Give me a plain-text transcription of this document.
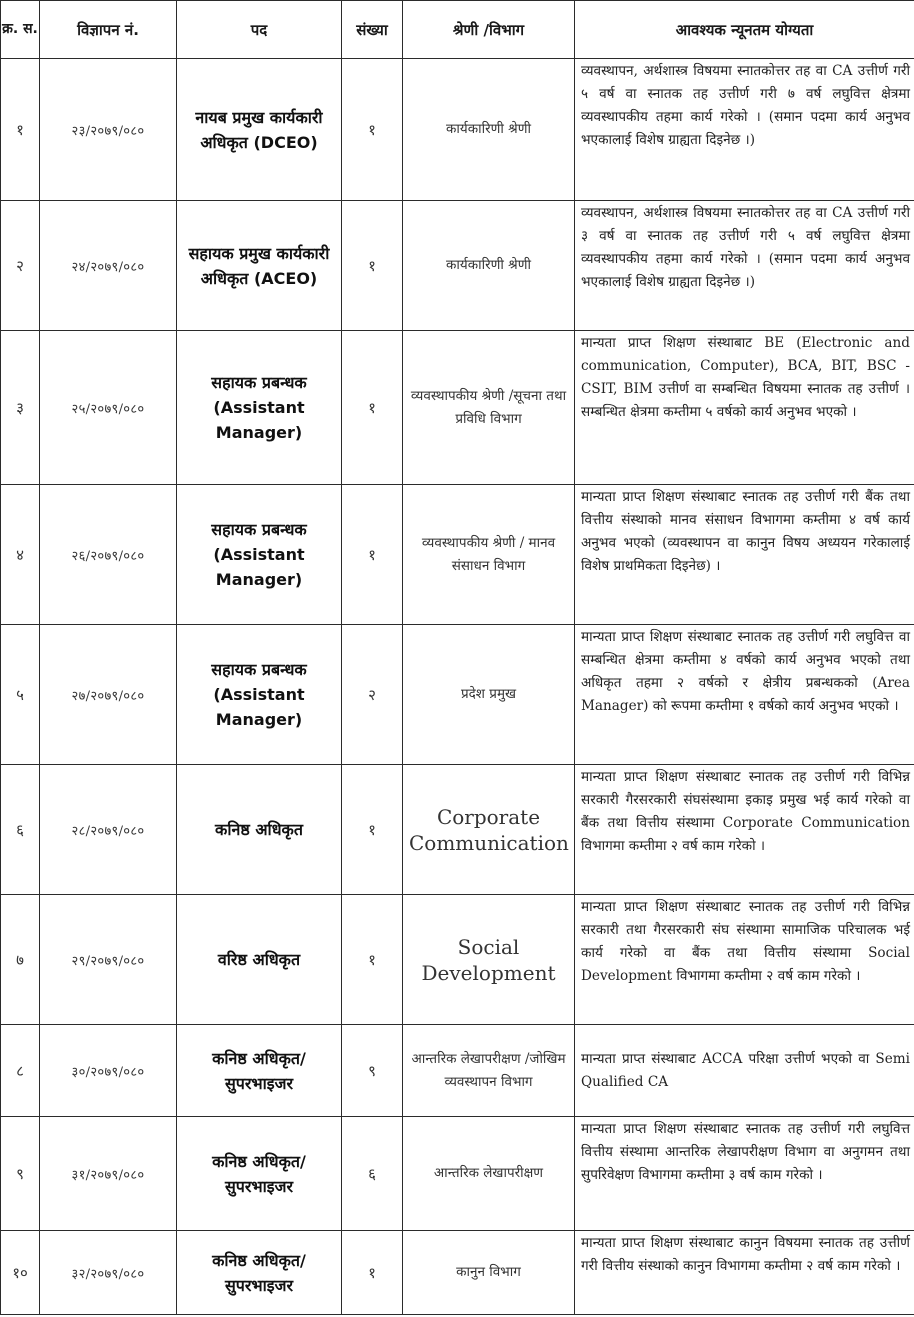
क्र. स.	विज्ञापन नं.	पद	संख्या	श्रेणी /विभाग	आवश्यक न्यूनतम योग्यता
१	२३/२०७९/०८०	नायब प्रमुख कार्यकारी अधिकृत (DCEO)	१	कार्यकारिणी श्रेणी	व्यवस्थापन, अर्थशास्त्र विषयमा स्नातकोत्तर तह वा CA उत्तीर्ण गरी ५ वर्ष वा स्नातक तह उत्तीर्ण गरी ७ वर्ष लघुवित्त क्षेत्रमा व्यवस्थापकीय तहमा कार्य गरेको । (समान पदमा कार्य अनुभव भएकालाई विशेष ग्राह्यता दिइनेछ ।)
२	२४/२०७९/०८०	सहायक प्रमुख कार्यकारी अधिकृत (ACEO)	१	कार्यकारिणी श्रेणी	व्यवस्थापन, अर्थशास्त्र विषयमा स्नातकोत्तर तह वा CA उत्तीर्ण गरी ३ वर्ष वा स्नातक तह उत्तीर्ण गरी ५ वर्ष लघुवित्त क्षेत्रमा व्यवस्थापकीय तहमा कार्य गरेको । (समान पदमा कार्य अनुभव भएकालाई विशेष ग्राह्यता दिइनेछ ।)
३	२५/२०७९/०८०	सहायक प्रबन्धक (Assistant Manager)	१	व्यवस्थापकीय श्रेणी /सूचना तथा प्रविधि विभाग	मान्यता प्राप्त शिक्षण संस्थाबाट BE (Electronic and communication, Computer), BCA, BIT, BSC - CSIT, BIM उत्तीर्ण वा सम्बन्धित विषयमा स्नातक तह उत्तीर्ण । सम्बन्धित क्षेत्रमा कम्तीमा ५ वर्षको कार्य अनुभव भएको ।
४	२६/२०७९/०८०	सहायक प्रबन्धक (Assistant Manager)	१	व्यवस्थापकीय श्रेणी / मानव संसाधन विभाग	मान्यता प्राप्त शिक्षण संस्थाबाट स्नातक तह उत्तीर्ण गरी बैंक तथा वित्तीय संस्थाको मानव संसाधन विभागमा कम्तीमा ४ वर्ष कार्य अनुभव भएको (व्यवस्थापन वा कानुन विषय अध्ययन गरेकालाई विशेष प्राथमिकता दिइनेछ) ।
५	२७/२०७९/०८०	सहायक प्रबन्धक (Assistant Manager)	२	प्रदेश प्रमुख	मान्यता प्राप्त शिक्षण संस्थाबाट स्नातक तह उत्तीर्ण गरी लघुवित्त वा सम्बन्धित क्षेत्रमा कम्तीमा ४ वर्षको कार्य अनुभव भएको तथा अधिकृत तहमा २ वर्षको र क्षेत्रीय प्रबन्धकको (Area Manager) को रूपमा कम्तीमा १ वर्षको कार्य अनुभव भएको ।
६	२८/२०७९/०८०	कनिष्ठ अधिकृत	१	Corporate Communication	मान्यता प्राप्त शिक्षण संस्थाबाट स्नातक तह उत्तीर्ण गरी विभिन्न सरकारी गैरसरकारी संघसंस्थामा इकाइ प्रमुख भई कार्य गरेको वा बैंक तथा वित्तीय संस्थामा Corporate Communication विभागमा कम्तीमा २ वर्ष काम गरेको ।
७	२९/२०७९/०८०	वरिष्ठ अधिकृत	१	Social Development	मान्यता प्राप्त शिक्षण संस्थाबाट स्नातक तह उत्तीर्ण गरी विभिन्न सरकारी तथा गैरसरकारी संघ संस्थामा सामाजिक परिचालक भई कार्य गरेको वा बैंक तथा वित्तीय संस्थामा Social Development विभागमा कम्तीमा २ वर्ष काम गरेको ।
८	३०/२०७९/०८०	कनिष्ठ अधिकृत/ सुपरभाइजर	९	आन्तरिक लेखापरीक्षण /जोखिम व्यवस्थापन विभाग	मान्यता प्राप्त संस्थाबाट ACCA परिक्षा उत्तीर्ण भएको वा Semi Qualified CA
९	३१/२०७९/०८०	कनिष्ठ अधिकृत/ सुपरभाइजर	६	आन्तरिक लेखापरीक्षण	मान्यता प्राप्त शिक्षण संस्थाबाट स्नातक तह उत्तीर्ण गरी लघुवित्त वित्तीय संस्थामा आन्तरिक लेखापरीक्षण विभाग वा अनुगमन तथा सुपरिवेक्षण विभागमा कम्तीमा ३ वर्ष काम गरेको ।
१०	३२/२०७९/०८०	कनिष्ठ अधिकृत/ सुपरभाइजर	१	कानुन विभाग	मान्यता प्राप्त शिक्षण संस्थाबाट कानुन विषयमा स्नातक तह उत्तीर्ण गरी वित्तीय संस्थाको कानुन विभागमा कम्तीमा २ वर्ष काम गरेको ।
